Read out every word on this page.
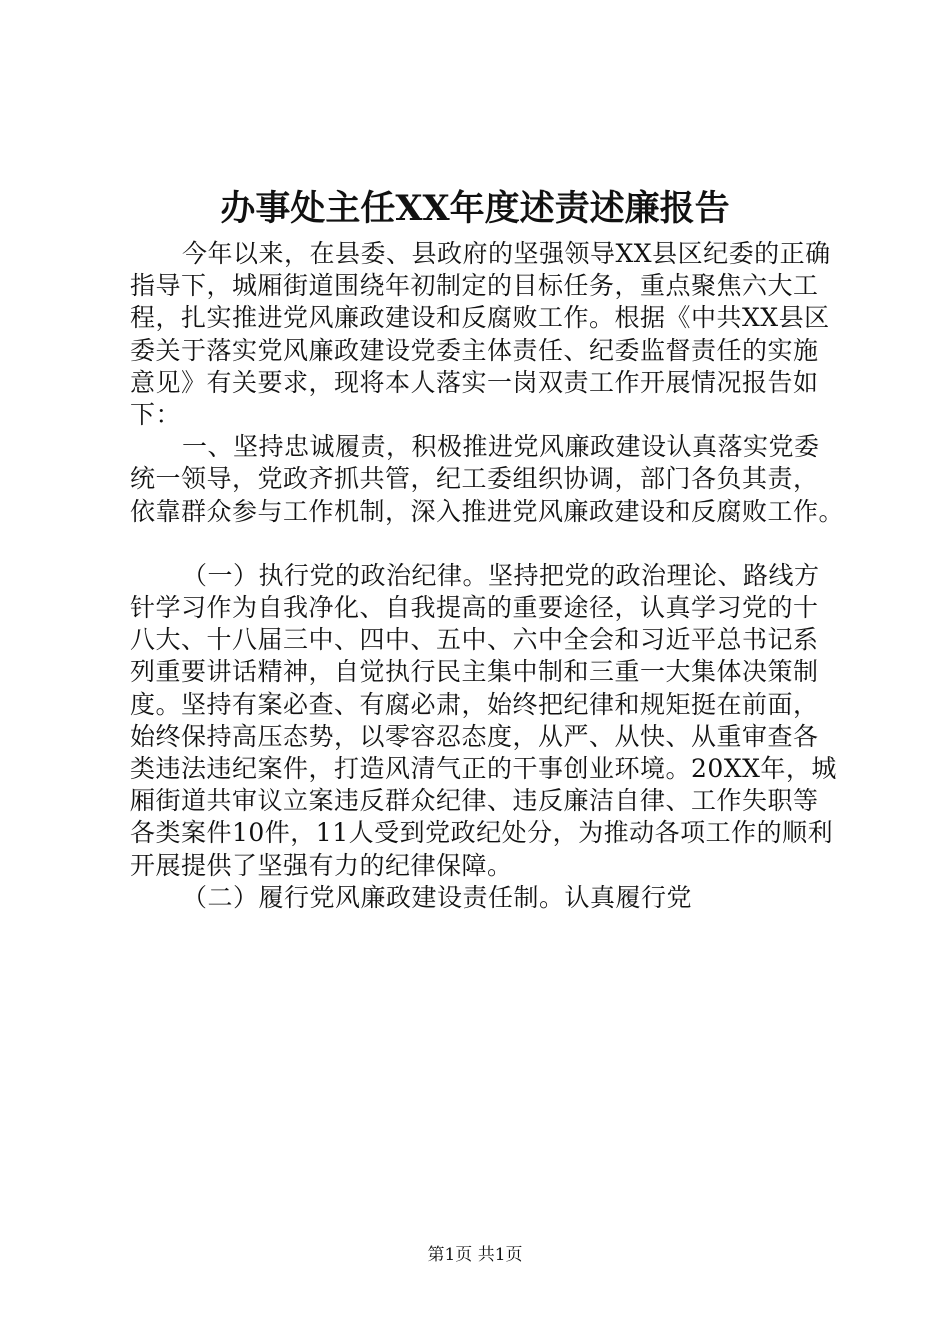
办事处主任XX年度述责述廉报告
今年以来，在县委、县政府的坚强领导XX县区纪委的正确
指导下，城厢街道围绕年初制定的目标任务，重点聚焦六大工
程，扎实推进党风廉政建设和反腐败工作。根据《中共XX县区
委关于落实党风廉政建设党委主体责任、纪委监督责任的实施
意见》有关要求，现将本人落实一岗双责工作开展情况报告如
下：
一、坚持忠诚履责，积极推进党风廉政建设认真落实党委
统一领导，党政齐抓共管，纪工委组织协调，部门各负其责，
依靠群众参与工作机制，深入推进党风廉政建设和反腐败工作。
（一）执行党的政治纪律。坚持把党的政治理论、路线方
针学习作为自我净化、自我提高的重要途径，认真学习党的十
八大、十八届三中、四中、五中、六中全会和习近平总书记系
列重要讲话精神，自觉执行民主集中制和三重一大集体决策制
度。坚持有案必查、有腐必肃，始终把纪律和规矩挺在前面，
始终保持高压态势，以零容忍态度，从严、从快、从重审查各
类违法违纪案件，打造风清气正的干事创业环境。20XX年，城
厢街道共审议立案违反群众纪律、违反廉洁自律、工作失职等
各类案件10件，11人受到党政纪处分，为推动各项工作的顺利
开展提供了坚强有力的纪律保障。
（二）履行党风廉政建设责任制。认真履行党
第1页 共1页
